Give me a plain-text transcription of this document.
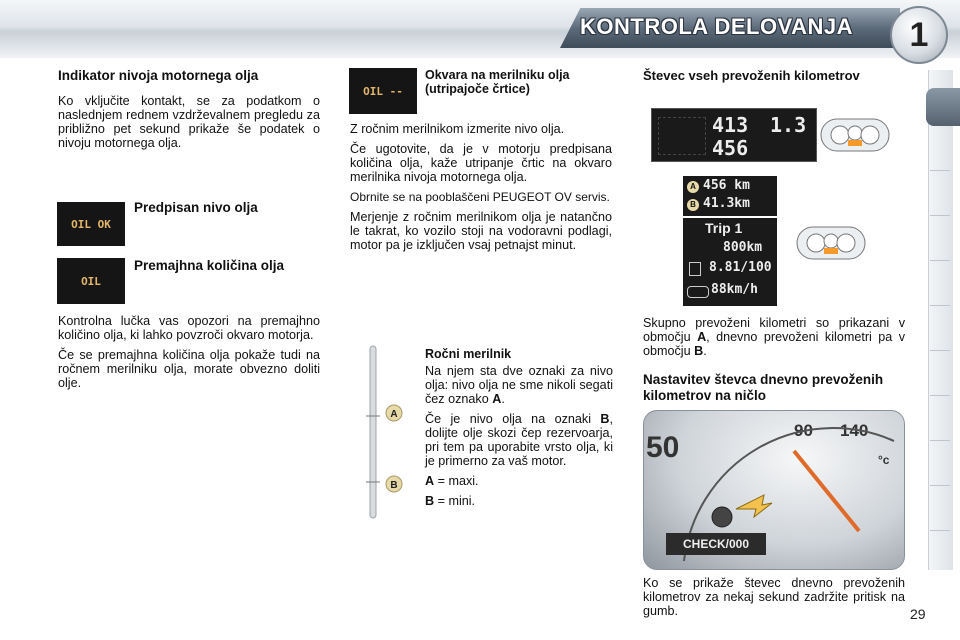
KONTROLA DELOVANJA	1
Indikator nivoja motornega olja
Ko vključite kontakt, se za podatkom o naslednjem rednem vzdrževalnem pregledu za približno pet sekund prikaže še podatek o nivoju motornega olja.
OIL OK
Predpisan nivo olja
OIL
Premajhna količina olja

Kontrolna lučka vas opozori na premajhno količino olja, ki lahko povzroči okvaro motorja.

Če se premajhna količina olja pokaže tudi na ročnem merilniku olja, morate obvezno doliti olje.

OIL --
Okvara na merilniku olja (utripajoče črtice)

Z ročnim merilnikom izmerite nivo olja.

Če ugotovite, da je v motorju predpisana količina olja, kaže utripanje črtic na okvaro merilnika nivoja motornega olja.

Obrnite se na pooblaščeni PEUGEOT OV servis.

Merjenje z ročnim merilnikom olja je natančno le takrat, ko vozilo stoji na vodoravni podlagi, motor pa je izključen vsaj petnajst minut.

A
B
Ročni merilnik

Na njem sta dve oznaki za nivo olja: nivo olja ne sme nikoli segati čez oznako A.

Če je nivo olja na oznaki B, dolijte olje skozi čep rezervoarja, pri tem pa uporabite vrsto olja, ki je primerno za vaš motor.

A = maxi.

B = mini.

Števec vseh prevoženih kilometrov
413 1.3
456
A 456 km
B 41.3km
Trip 1
800km
8.81/100
88km/h

Skupno prevoženi kilometri so prikazani v območju A, dnevno prevoženi kilometri pa v območju B.

Nastavitev števca dnevno prevoženih kilometrov na ničlo
50
90 140
°c
CHECK/000
Ko se prikaže števec dnevno prevoženih kilometrov za nekaj sekund zadržite pritisk na gumb.	29
